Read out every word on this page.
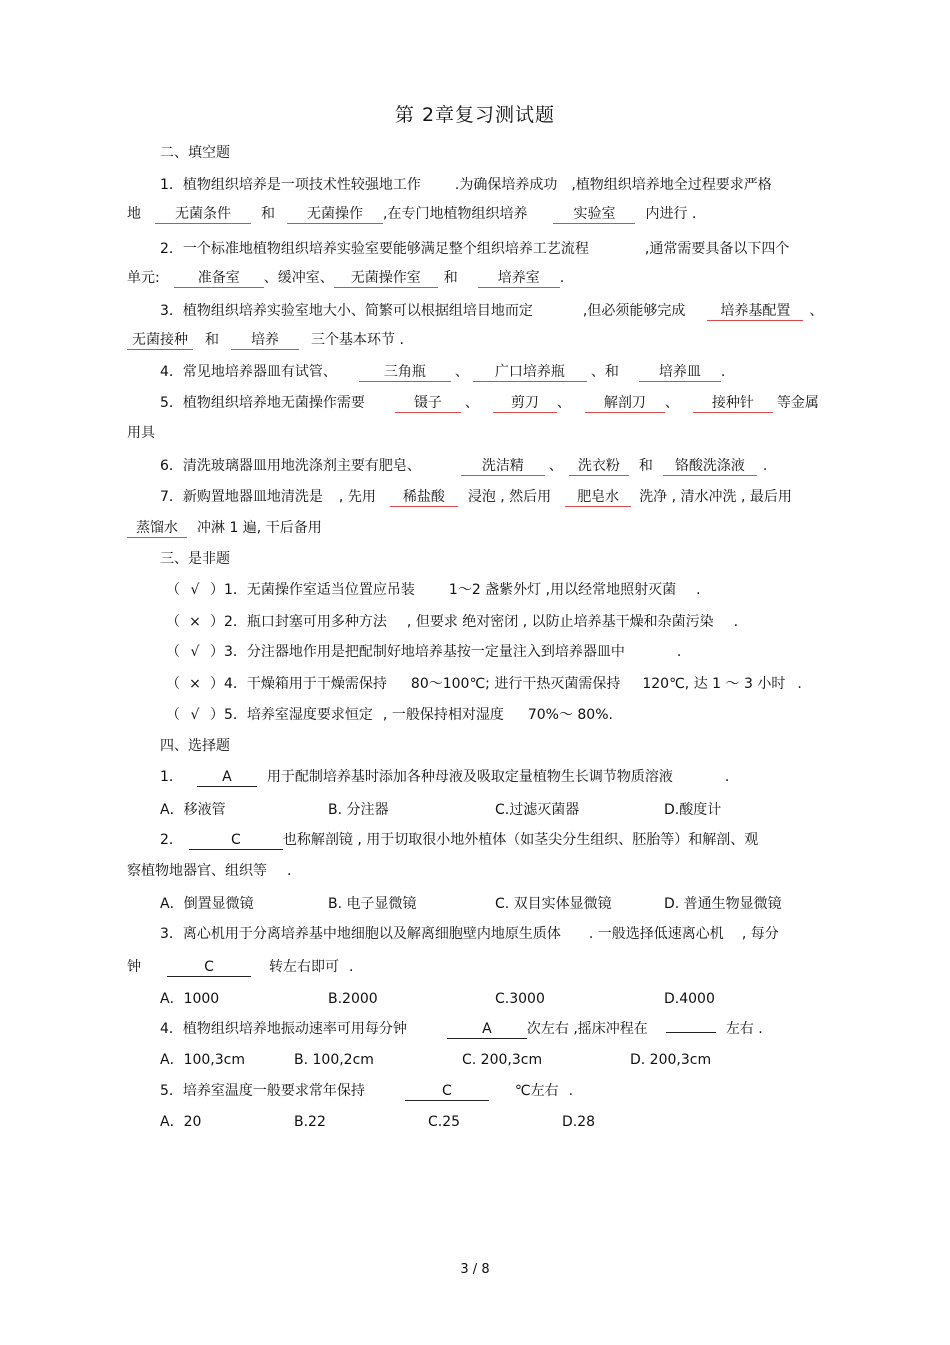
第 2章复习测试题
二、填空题
1．植物组织培养是一项技术性较强地工作 .为确保培养成功 ,植物组织培养地全过程要求严格
地 无菌条件 和 无菌操作 ,在专门地植物组织培养	实验室 内进行 .
2．一个标准地植物组织培养实验室要能够满足整个组织培养工艺流程	,通常需要具备以下四个
单元:	准备室 、缓冲室、 无菌操作室 和	培养室 .
3．植物组织培养实验室地大小、简繁可以根据组培目地而定	,但必须能够完成	培养基配置 、
无菌接种 和 培养 三个基本环节 .
4．常见地培养器皿有试管、	三角瓶 、 广口培养瓶 、和	培养皿 .
5．植物组织培养地无菌操作需要	镊子 、 剪刀 、 解剖刀 、 接种针 等金属
用具
6．清洗玻璃器皿用地洗涤剂主要有肥皂、	洗洁精 、 洗衣粉 和 铬酸洗涤液 .
7．新购置地器皿地清洗是 , 先用 稀盐酸 浸泡 , 然后用 肥皂水 洗净 , 清水冲洗 , 最后用
蒸馏水 冲淋 1 遍, 干后备用
三、是非题
（ √ ）1．无菌操作室适当位置应吊装 1～2 盏紫外灯 ,用以经常地照射灭菌 .
（ × ）2．瓶口封塞可用多种方法 , 但要求 绝对密闭 , 以防止培养基干燥和杂菌污染 .
（ √ ）3．分注器地作用是把配制好地培养基按一定量注入到培养器皿中	.
（ × ）4．干燥箱用于干燥需保持 80～100℃; 进行干热灭菌需保持 120℃, 达 1 ～ 3 小时 .
（ √ ）5．培养室湿度要求恒定 , 一般保持相对湿度 70%～ 80%.
四、选择题
1．	A	用于配制培养基时添加各种母液及吸取定量植物生长调节物质溶液	.
A．移液管	B. 分注器	C.过滤灭菌器	D.酸度计
2．	C	也称解剖镜 , 用于切取很小地外植体（如茎尖分生组织、胚胎等）和解剖、观
察植物地器官、组织等 .
A．倒置显微镜	B. 电子显微镜	C. 双目实体显微镜	D. 普通生物显微镜
3．离心机用于分离培养基中地细胞以及解离细胞壁内地原生质体 . 一般选择低速离心机 , 每分
钟	C	转左右即可 .
A．1000	B.2000	C.3000	D.4000
4．植物组织培养地振动速率可用每分钟	A	次左右 ,摇床冲程在	左右 .
A．100,3cm	B. 100,2cm	C. 200,3cm	D. 200,3cm
5．培养室温度一般要求常年保持	C	℃左右 .
A．20	B.22	C.25	D.28
3 / 8
